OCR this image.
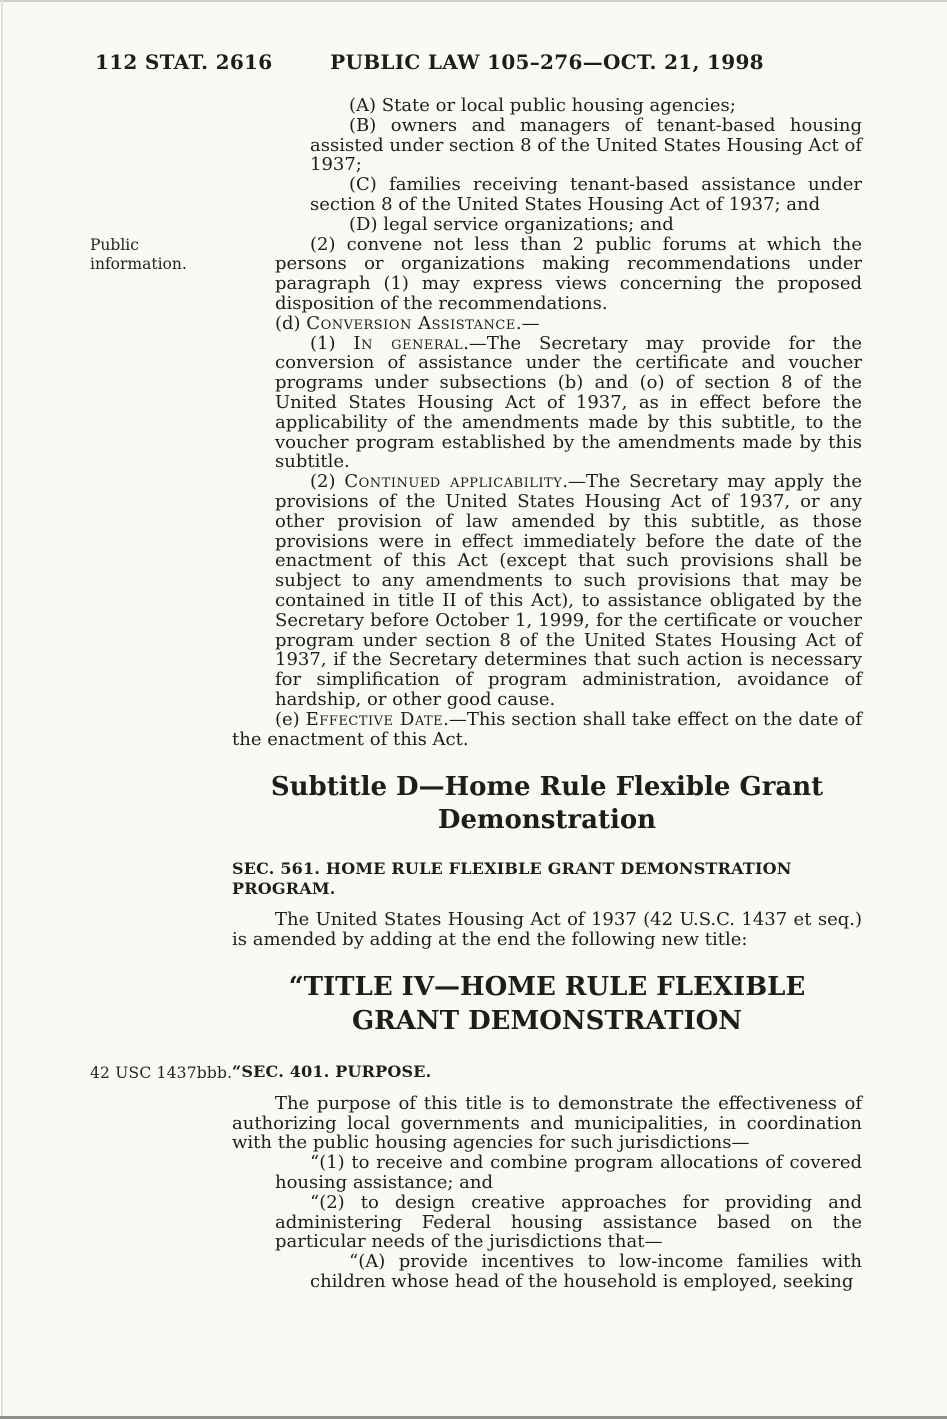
112 STAT. 2616	PUBLIC LAW 105–276—OCT. 21, 1998

(A) State or local public housing agencies;

(B) owners and managers of tenant-based housing assisted under section 8 of the United States Housing Act of 1937;

(C) families receiving tenant-based assistance under section 8 of the United States Housing Act of 1937; and

(D) legal service organizations; and

Public information.
(2) convene not less than 2 public forums at which the persons or organizations making recommendations under paragraph (1) may express views concerning the proposed disposition of the recommendations.

(d) Conversion Assistance.—

(1) In general.—The Secretary may provide for the conversion of assistance under the certificate and voucher programs under subsections (b) and (o) of section 8 of the United States Housing Act of 1937, as in effect before the applicability of the amendments made by this subtitle, to the voucher program established by the amendments made by this subtitle.

(2) Continued applicability.—The Secretary may apply the provisions of the United States Housing Act of 1937, or any other provision of law amended by this subtitle, as those provisions were in effect immediately before the date of the enactment of this Act (except that such provisions shall be subject to any amendments to such provisions that may be contained in title II of this Act), to assistance obligated by the Secretary before October 1, 1999, for the certificate or voucher program under section 8 of the United States Housing Act of 1937, if the Secretary determines that such action is necessary for simplification of program administration, avoidance of hardship, or other good cause.

(e) Effective Date.—This section shall take effect on the date of the enactment of this Act.

Subtitle D—Home Rule Flexible Grant Demonstration

SEC. 561. HOME RULE FLEXIBLE GRANT DEMONSTRATION PROGRAM.

The United States Housing Act of 1937 (42 U.S.C. 1437 et seq.) is amended by adding at the end the following new title:

“TITLE IV—HOME RULE FLEXIBLE GRANT DEMONSTRATION

42 USC 1437bbb. “SEC. 401. PURPOSE.

The purpose of this title is to demonstrate the effectiveness of authorizing local governments and municipalities, in coordination with the public housing agencies for such jurisdictions—

“(1) to receive and combine program allocations of covered housing assistance; and

“(2) to design creative approaches for providing and administering Federal housing assistance based on the particular needs of the jurisdictions that—

“(A) provide incentives to low-income families with children whose head of the household is employed, seeking
